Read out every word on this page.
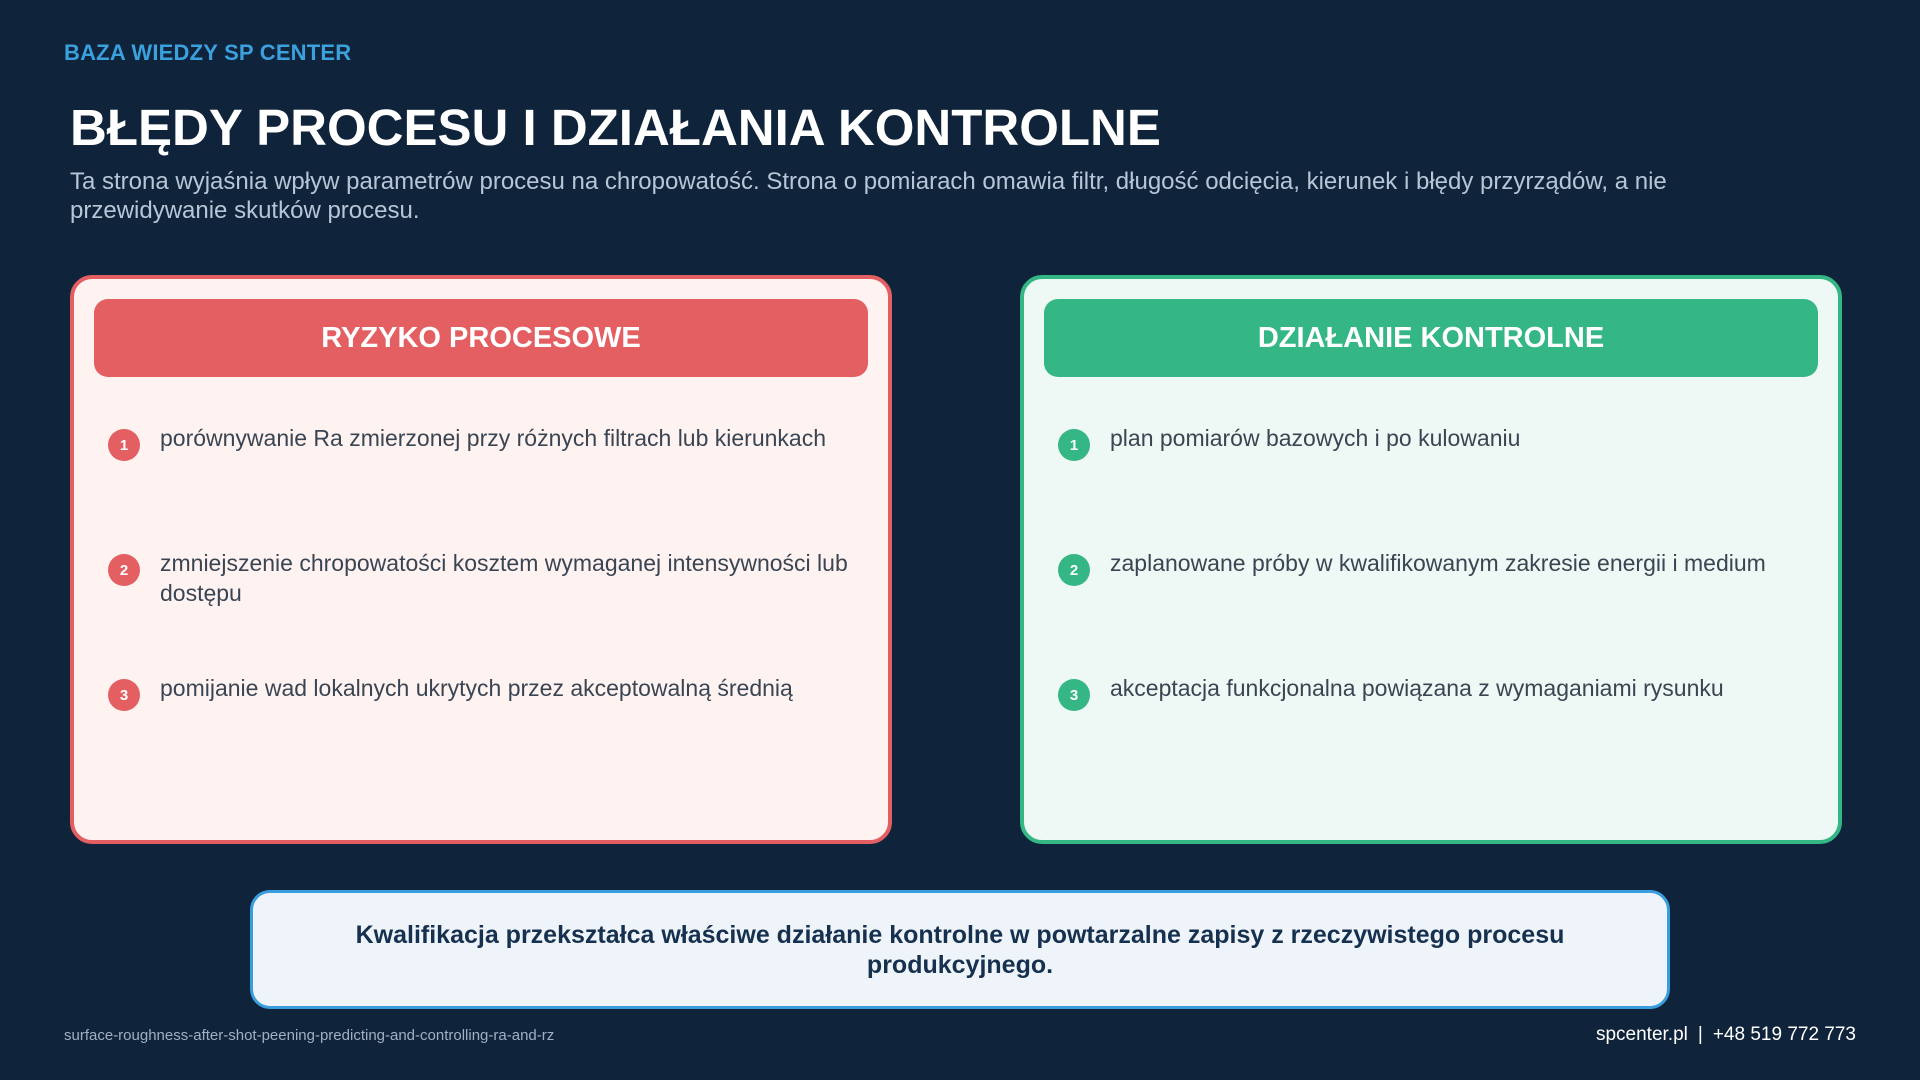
BAZA WIEDZY SP CENTER
BŁĘDY PROCESU I DZIAŁANIA KONTROLNE
Ta strona wyjaśnia wpływ parametrów procesu na chropowatość. Strona o pomiarach omawia filtr, długość odcięcia, kierunek i błędy przyrządów, a nie przewidywanie skutków procesu.
RYZYKO PROCESOWE
1	porównywanie Ra zmierzonej przy różnych filtrach lub kierunkach
2	zmniejszenie chropowatości kosztem wymaganej intensywności lub dostępu
3	pomijanie wad lokalnych ukrytych przez akceptowalną średnią
DZIAŁANIE KONTROLNE
1	plan pomiarów bazowych i po kulowaniu
2	zaplanowane próby w kwalifikowanym zakresie energii i medium
3	akceptacja funkcjonalna powiązana z wymaganiami rysunku
Kwalifikacja przekształca właściwe działanie kontrolne w powtarzalne zapisy z rzeczywistego procesu produkcyjnego.
surface-roughness-after-shot-peening-predicting-and-controlling-ra-and-rz	spcenter.pl | +48 519 772 773
